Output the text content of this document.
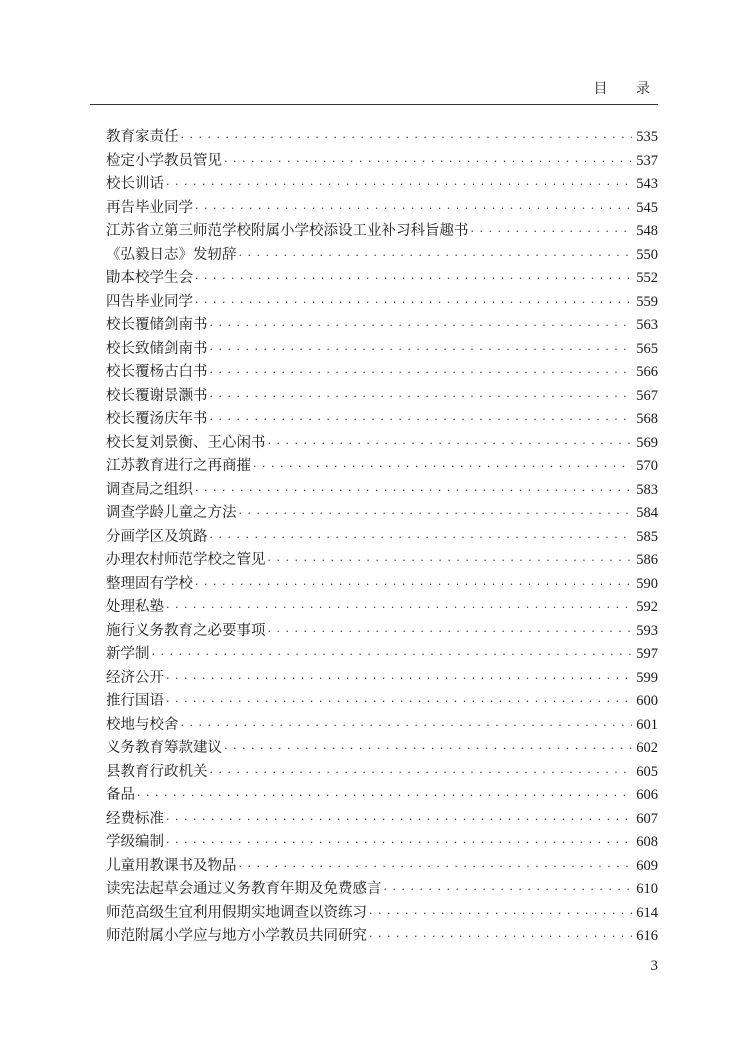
目 录
教育家责任 · · ·	535
检定小学教员管见 · · ·	537
校长训话 · · ·	543
再告毕业同学 · · ·	545
江苏省立第三师范学校附属小学校添设工业补习科旨趣书 · · ·	548
《弘毅日志》发轫辞 · · ·	550
勖本校学生会 · · ·	552
四告毕业同学 · · ·	559
校长覆储剑南书 · · ·	563
校长致储剑南书 · · ·	565
校长覆杨古白书 · · ·	566
校长覆谢景灏书 · · ·	567
校长覆汤庆年书 · · ·	568
校长复刘景衡、王心闲书 · · ·	569
江苏教育进行之再商摧 · · ·	570
调查局之组织 · · ·	583
调查学龄儿童之方法 · · ·	584
分画学区及筑路 · · ·	585
办理农村师范学校之管见 · · ·	586
整理固有学校 · · ·	590
处理私塾 · · ·	592
施行义务教育之必要事项 · · ·	593
新学制 · · ·	597
经济公开 · · ·	599
推行国语 · · ·	600
校地与校舍 · · ·	601
义务教育筹款建议 · · ·	602
县教育行政机关 · · ·	605
备品 · · ·	606
经费标准 · · ·	607
学级编制 · · ·	608
儿童用教课书及物品 · · ·	609
读宪法起草会通过义务教育年期及免费感言 · · ·	610
师范高级生宜利用假期实地调查以资练习 · · ·	614
师范附属小学应与地方小学教员共同研究 · · ·	616
3
